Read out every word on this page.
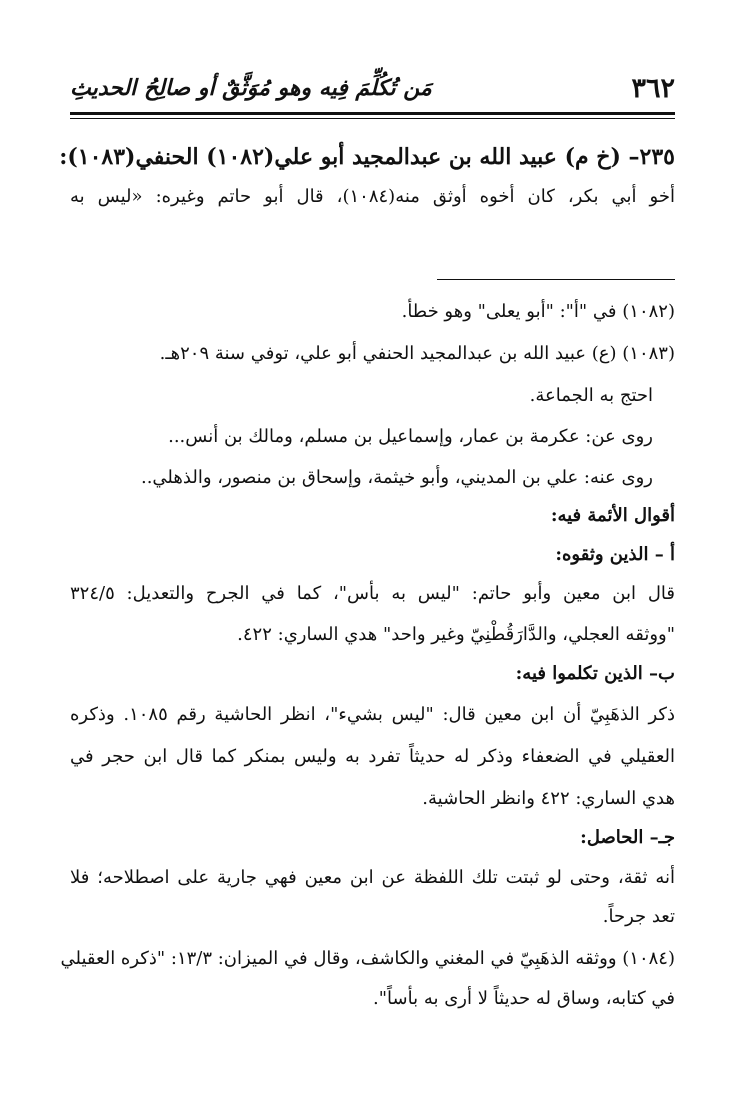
٣٦٢
مَن تُكُلِّمَ فِيه وهو مُوَثَّقٌ أو صالِحُ الحديثِ
٢٣٥– (خ م) عبيد الله بن عبدالمجيد أبو علي(١٠٨٢) الحنفي(١٠٨٣):
أخو أبي بكر، كان أخوه أوثق منه(١٠٨٤)، قال أبو حاتم وغيره: «ليس به
(١٠٨٢) في "أ": "أبو يعلى" وهو خطأ.
(١٠٨٣) (ع) عبيد الله بن عبدالمجيد الحنفي أبو علي، توفي سنة ٢٠٩هـ.
احتج به الجماعة.
روى عن: عكرمة بن عمار، وإسماعيل بن مسلم، ومالك بن أنس...
روى عنه: علي بن المديني، وأبو خيثمة، وإسحاق بن منصور، والذهلي..
أقوال الأئمة فيه:
أ – الذين وثقوه:
قال ابن معين وأبو حاتم: "ليس به بأس"، كما في الجرح والتعديل: ٣٢٤/٥
"ووثقه العجلي، والدَّارَقُطْنِيّ وغير واحد" هدي الساري: ٤٢٢.
ب– الذين تكلموا فيه:
ذكر الذهَبِيّ أن ابن معين قال: "ليس بشيء"، انظر الحاشية رقم ١٠٨٥. وذكره
العقيلي في الضعفاء وذكر له حديثاً تفرد به وليس بمنكر كما قال ابن حجر في
هدي الساري: ٤٢٢ وانظر الحاشية.
جـ– الحاصل:
أنه ثقة، وحتى لو ثبتت تلك اللفظة عن ابن معين فهي جارية على اصطلاحه؛ فلا
تعد جرحاً.
(١٠٨٤) ووثقه الذهَبِيّ في المغني والكاشف، وقال في الميزان: ١٣/٣: "ذكره العقيلي
في كتابه، وساق له حديثاً لا أرى به بأساً".
